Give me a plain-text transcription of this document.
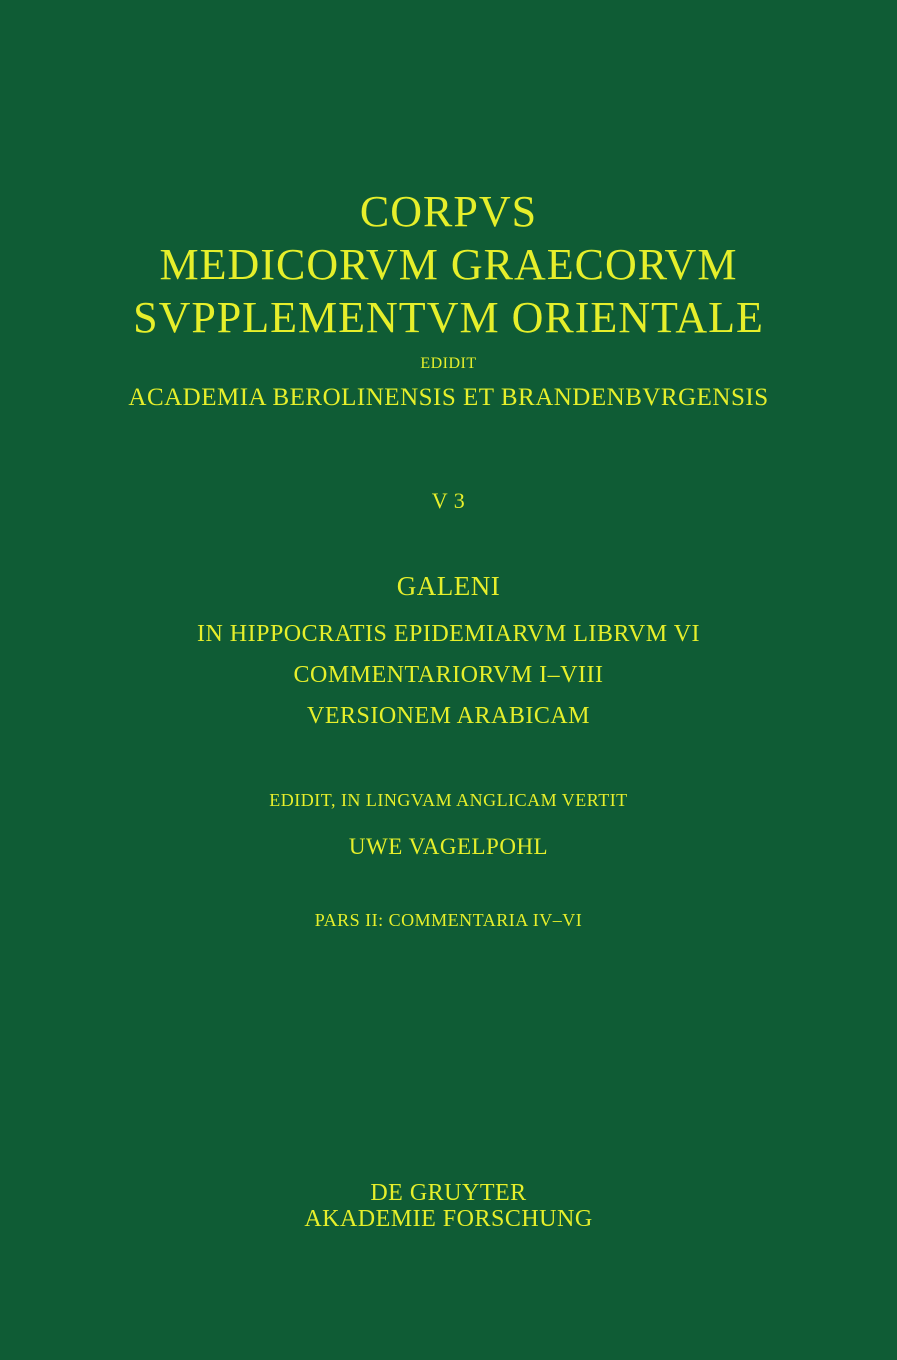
CORPVS
MEDICORVM GRAECORVM
SVPPLEMENTVM ORIENTALE
EDIDIT
ACADEMIA BEROLINENSIS ET BRANDENBVRGENSIS
V 3
GALENI
IN HIPPOCRATIS EPIDEMIARVM LIBRVM VI
COMMENTARIORVM I–VIII
VERSIONEM ARABICAM
EDIDIT, IN LINGVAM ANGLICAM VERTIT
UWE VAGELPOHL
PARS II: COMMENTARIA IV–VI
DE GRUYTER
AKADEMIE FORSCHUNG
